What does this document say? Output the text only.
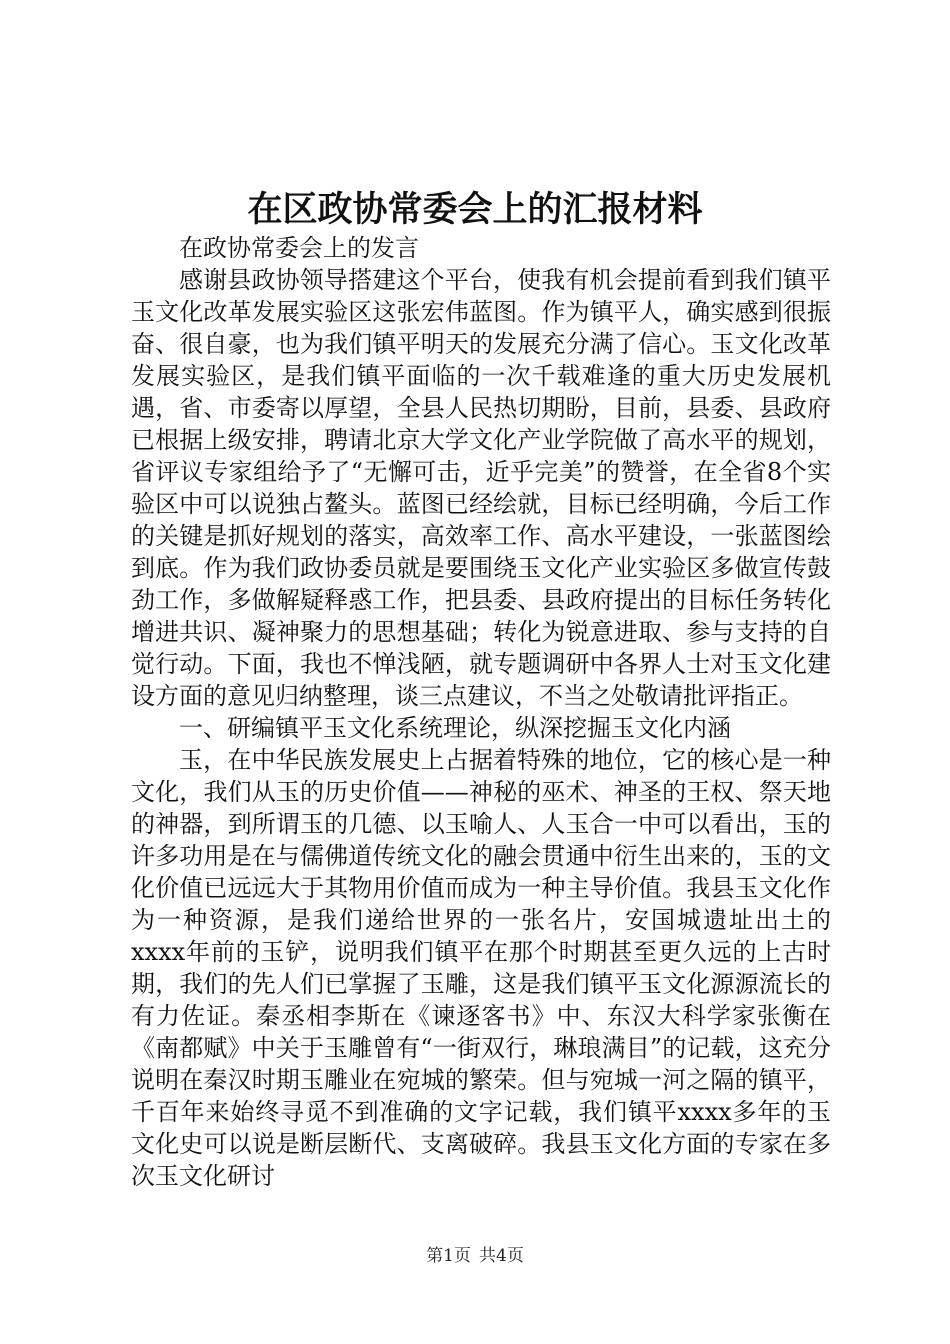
在区政协常委会上的汇报材料

在政协常委会上的发言

感谢县政协领导搭建这个平台，使我有机会提前看到我们镇平玉文化改革发展实验区这张宏伟蓝图。作为镇平人，确实感到很振奋、很自豪，也为我们镇平明天的发展充分满了信心。玉文化改革发展实验区，是我们镇平面临的一次千载难逢的重大历史发展机遇，省、市委寄以厚望，全县人民热切期盼，目前，县委、县政府已根据上级安排，聘请北京大学文化产业学院做了高水平的规划，省评议专家组给予了“无懈可击，近乎完美”的赞誉，在全省8个实验区中可以说独占鳌头。蓝图已经绘就，目标已经明确，今后工作的关键是抓好规划的落实，高效率工作、高水平建设，一张蓝图绘到底。作为我们政协委员就是要围绕玉文化产业实验区多做宣传鼓劲工作，多做解疑释惑工作，把县委、县政府提出的目标任务转化增进共识、凝神聚力的思想基础；转化为锐意进取、参与支持的自觉行动。下面，我也不惮浅陋，就专题调研中各界人士对玉文化建设方面的意见归纳整理，谈三点建议，不当之处敬请批评指正。

一、研编镇平玉文化系统理论，纵深挖掘玉文化内涵

玉，在中华民族发展史上占据着特殊的地位，它的核心是一种文化，我们从玉的历史价值——神秘的巫术、神圣的王权、祭天地的神器，到所谓玉的几德、以玉喻人、人玉合一中可以看出，玉的许多功用是在与儒佛道传统文化的融会贯通中衍生出来的，玉的文化价值已远远大于其物用价值而成为一种主导价值。我县玉文化作为一种资源，是我们递给世界的一张名片，安国城遗址出土的xxxx年前的玉铲，说明我们镇平在那个时期甚至更久远的上古时期，我们的先人们已掌握了玉雕，这是我们镇平玉文化源源流长的有力佐证。秦丞相李斯在《谏逐客书》中、东汉大科学家张衡在《南都赋》中关于玉雕曾有“一街双行，琳琅满目”的记载，这充分说明在秦汉时期玉雕业在宛城的繁荣。但与宛城一河之隔的镇平，千百年来始终寻觅不到准确的文字记载，我们镇平xxxx多年的玉文化史可以说是断层断代、支离破碎。我县玉文化方面的专家在多次玉文化研讨

第1页 共4页
